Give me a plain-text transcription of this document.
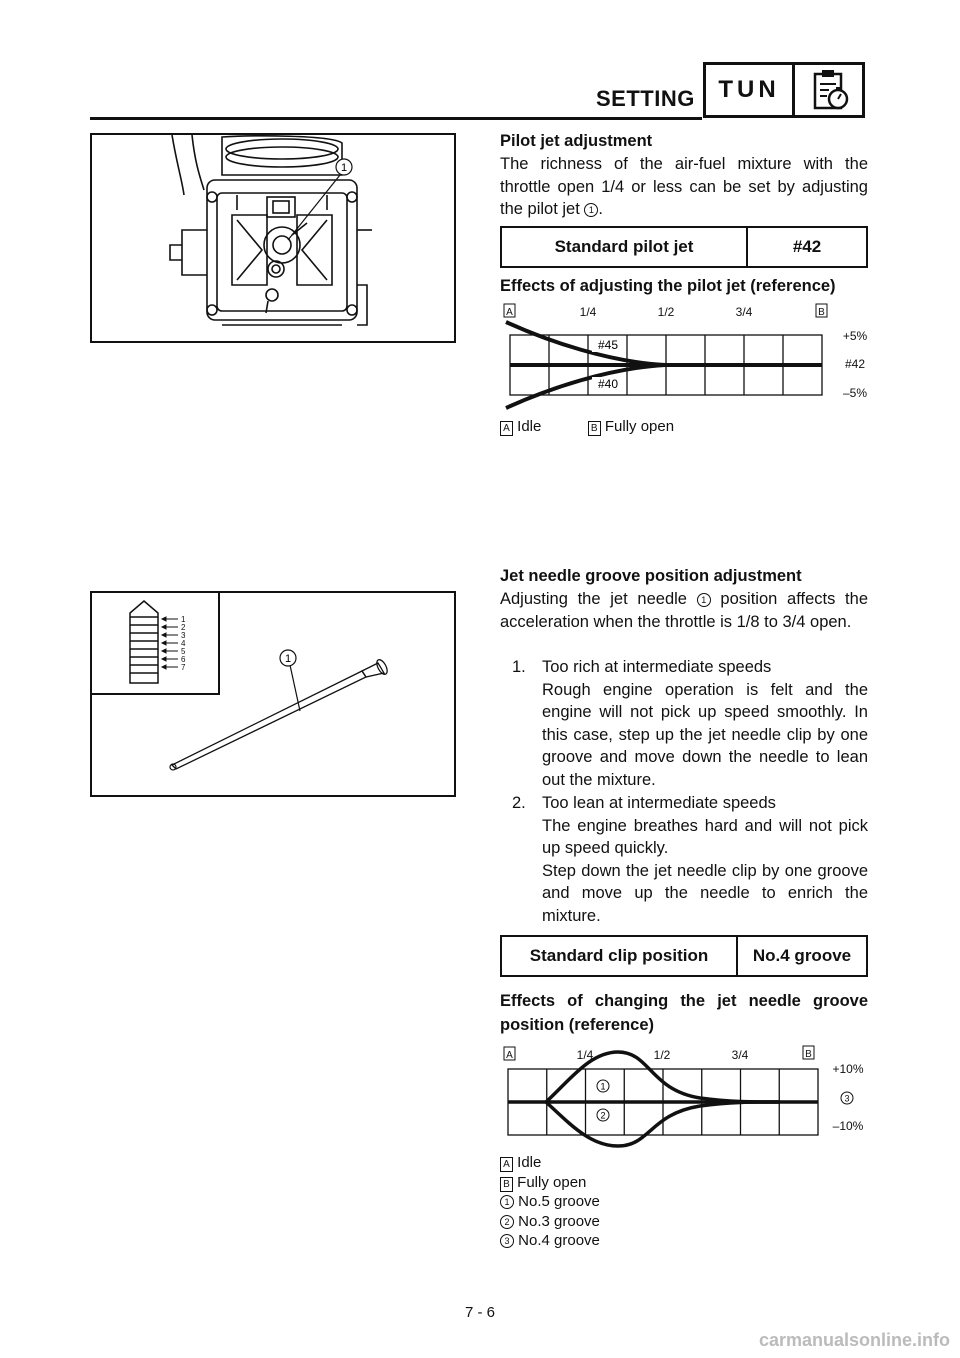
SETTING TUN
1
Pilot jet adjustment
The richness of the air-fuel mixture with the throttle open 1/4 or less can be set by adjusting the pilot jet 1 .
Standard pilot jet	#42
Effects of adjusting the pilot jet (reference)
A	B
1/4	1/2	3/4
+5%
#42
–5%
#45
#40
A Idle	B Fully open
1
2
3
4
5
6
7
1
Jet needle groove position adjustment
Adjusting the jet needle 1 position affects the acceleration when the throttle is 1/8 to 3/4 open.
1. Too rich at intermediate speeds
Rough engine operation is felt and the engine will not pick up speed smoothly. In this case, step up the jet needle clip by one groove and move down the needle to lean out the mixture.
2. Too lean at intermediate speeds
The engine breathes hard and will not pick up speed quickly.
Step down the jet needle clip by one groove and move up the needle to enrich the mixture.
Standard clip position	No.4 groove
Effects of changing the jet needle groove position (reference)
A	B
1/4	1/2	3/4
+10%
3
–10%
1
2
A Idle
B Fully open
1 No.5 groove
2 No.3 groove
3 No.4 groove
7 - 6
carmanualsonline.info
